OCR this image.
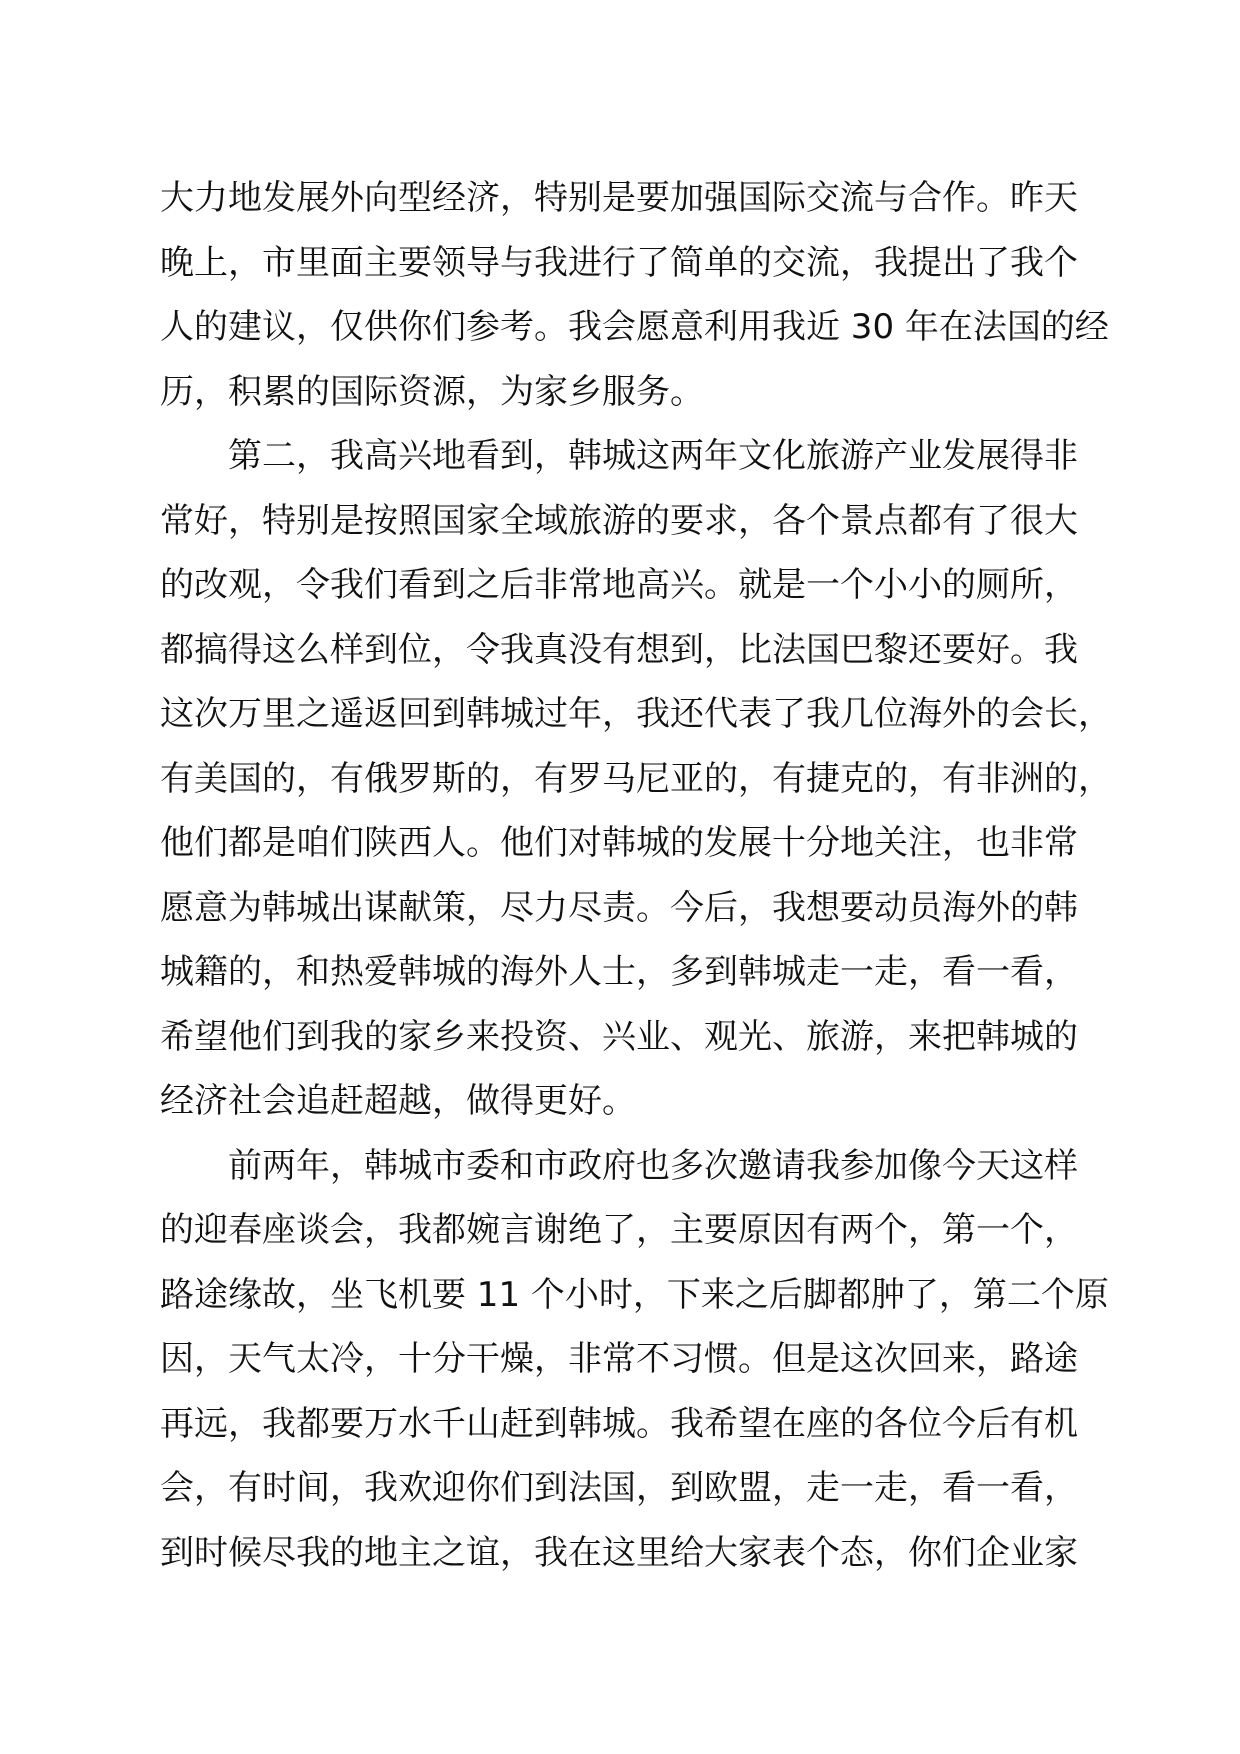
大力地发展外向型经济，特别是要加强国际交流与合作。昨天
晚上，市里面主要领导与我进行了简单的交流，我提出了我个
人的建议，仅供你们参考。我会愿意利用我近 30 年在法国的经
历，积累的国际资源，为家乡服务。
第二，我高兴地看到，韩城这两年文化旅游产业发展得非
常好，特别是按照国家全域旅游的要求，各个景点都有了很大
的改观，令我们看到之后非常地高兴。就是一个小小的厕所，
都搞得这么样到位，令我真没有想到，比法国巴黎还要好。我
这次万里之遥返回到韩城过年，我还代表了我几位海外的会长，
有美国的，有俄罗斯的，有罗马尼亚的，有捷克的，有非洲的，
他们都是咱们陕西人。他们对韩城的发展十分地关注，也非常
愿意为韩城出谋献策，尽力尽责。今后，我想要动员海外的韩
城籍的，和热爱韩城的海外人士，多到韩城走一走，看一看，
希望他们到我的家乡来投资、兴业、观光、旅游，来把韩城的
经济社会追赶超越，做得更好。
前两年，韩城市委和市政府也多次邀请我参加像今天这样
的迎春座谈会，我都婉言谢绝了，主要原因有两个，第一个，
路途缘故，坐飞机要 11 个小时，下来之后脚都肿了，第二个原
因，天气太冷，十分干燥，非常不习惯。但是这次回来，路途
再远，我都要万水千山赶到韩城。我希望在座的各位今后有机
会，有时间，我欢迎你们到法国，到欧盟，走一走，看一看，
到时候尽我的地主之谊，我在这里给大家表个态，你们企业家
